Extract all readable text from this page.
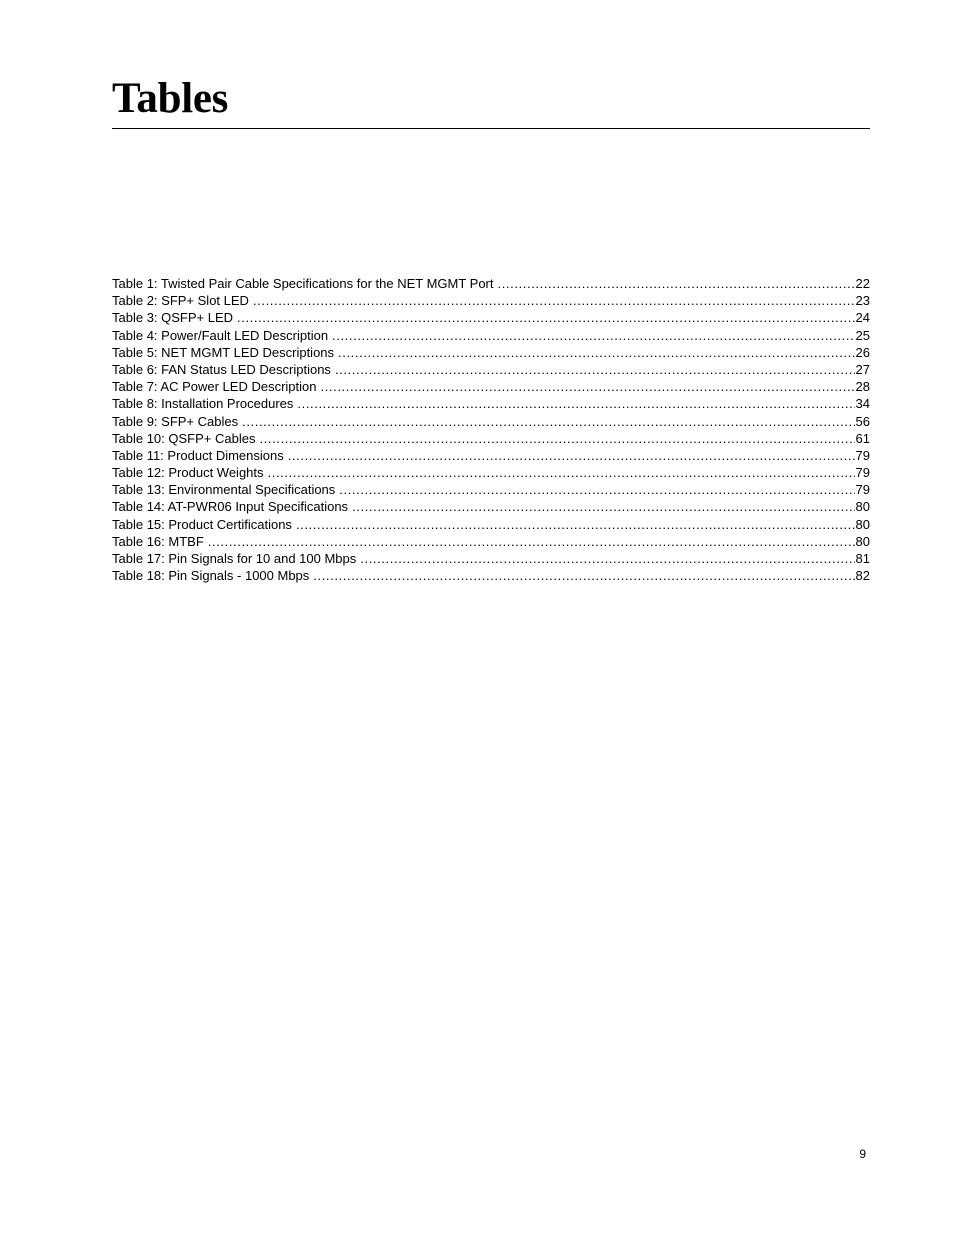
Tables
Table 1: Twisted Pair Cable Specifications for the NET MGMT Port .....	22
Table 2: SFP+ Slot LED .....	23
Table 3: QSFP+ LED .....	24
Table 4: Power/Fault LED Description .....	25
Table 5: NET MGMT LED Descriptions .....	26
Table 6: FAN Status LED Descriptions .....	27
Table 7: AC Power LED Description .....	28
Table 8: Installation Procedures .....	34
Table 9: SFP+ Cables .....	56
Table 10: QSFP+ Cables .....	61
Table 11: Product Dimensions .....	79
Table 12: Product Weights .....	79
Table 13: Environmental Specifications .....	79
Table 14: AT-PWR06 Input Specifications .....	80
Table 15: Product Certifications .....	80
Table 16: MTBF .....	80
Table 17: Pin Signals for 10 and 100 Mbps .....	81
Table 18: Pin Signals - 1000 Mbps .....	82
9
